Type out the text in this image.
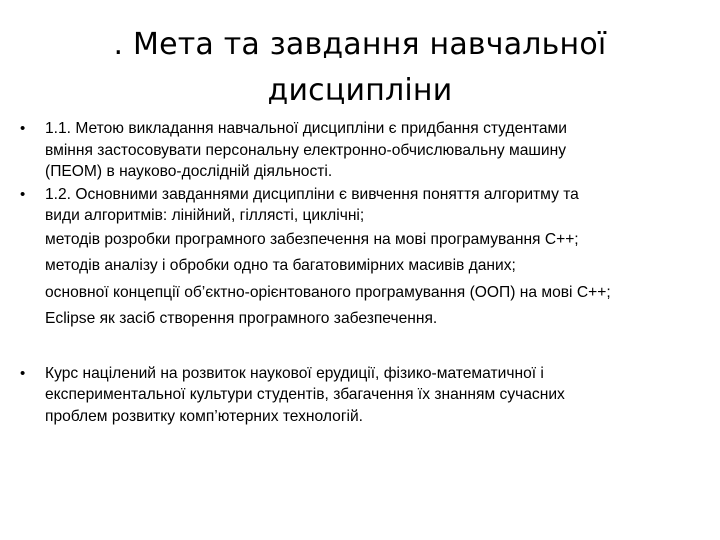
. Мета та завдання навчальної
дисципліни
•	1.1. Метою викладання навчальної дисципліни є придбання студентами
вміння застосовувати персональну електронно-обчислювальну машину
(ПЕОМ) в науково-дослідній діяльності.
•	1.2. Основними завданнями дисципліни є вивчення поняття алгоритму та
види алгоритмів: лінійний, гіллясті, циклічні;
методів розробки програмного забезпечення на мові програмування С++;
методів аналізу і обробки одно та багатовимірних масивів даних;
основної концепції об’єктно-орієнтованого програмування (ООП) на мові С++;
Eclipse як засіб створення програмного забезпечення.
•	Курс націлений на розвиток наукової ерудиції, фізико-математичної і
експериментальної культури студентів, збагачення їх знанням сучасних
проблем розвитку комп’ютерних технологій.
